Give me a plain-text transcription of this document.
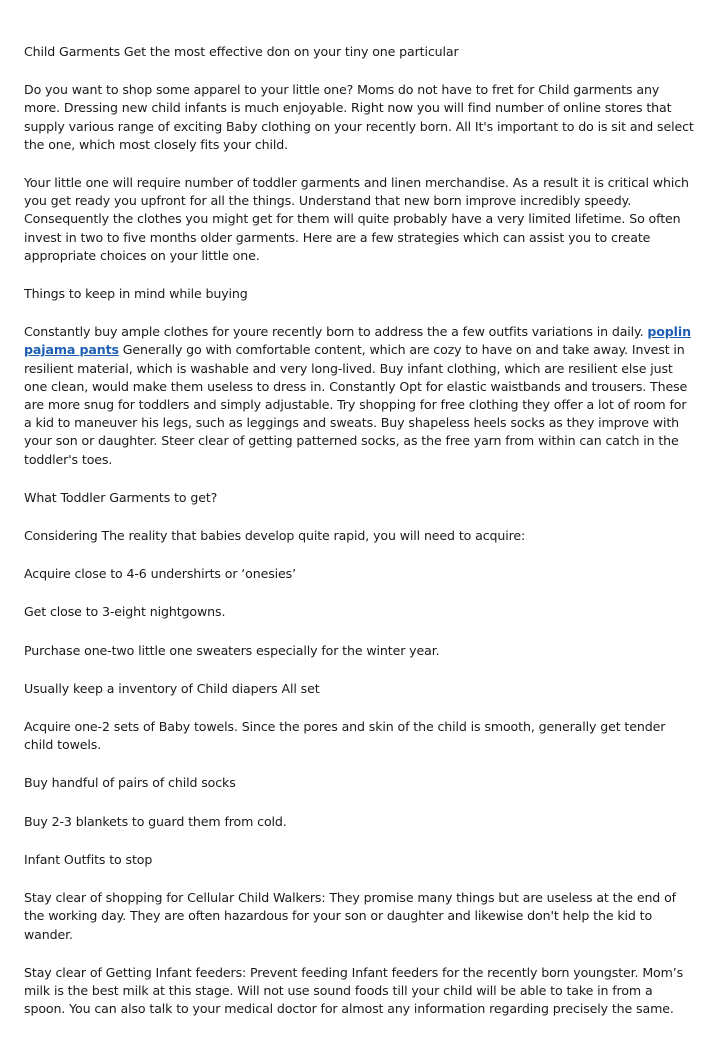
Child Garments Get the most effective don on your tiny one particular

Do you want to shop some apparel to your little one? Moms do not have to fret for Child garments any more. Dressing new child infants is much enjoyable. Right now you will find number of online stores that supply various range of exciting Baby clothing on your recently born. All It's important to do is sit and select the one, which most closely fits your child.

Your little one will require number of toddler garments and linen merchandise. As a result it is critical which you get ready you upfront for all the things. Understand that new born improve incredibly speedy. Consequently the clothes you might get for them will quite probably have a very limited lifetime. So often invest in two to five months older garments. Here are a few strategies which can assist you to create appropriate choices on your little one.

Things to keep in mind while buying

Constantly buy ample clothes for youre recently born to address the a few outfits variations in daily. poplin pajama pants Generally go with comfortable content, which are cozy to have on and take away. Invest in resilient material, which is washable and very long-lived. Buy infant clothing, which are resilient else just one clean, would make them useless to dress in. Constantly Opt for elastic waistbands and trousers. These are more snug for toddlers and simply adjustable. Try shopping for free clothing they offer a lot of room for a kid to maneuver his legs, such as leggings and sweats. Buy shapeless heels socks as they improve with your son or daughter. Steer clear of getting patterned socks, as the free yarn from within can catch in the toddler's toes.

What Toddler Garments to get?

Considering The reality that babies develop quite rapid, you will need to acquire:

Acquire close to 4-6 undershirts or ‘onesies’

Get close to 3-eight nightgowns.

Purchase one-two little one sweaters especially for the winter year.

Usually keep a inventory of Child diapers All set

Acquire one-2 sets of Baby towels. Since the pores and skin of the child is smooth, generally get tender child towels.

Buy handful of pairs of child socks

Buy 2-3 blankets to guard them from cold.

Infant Outfits to stop

Stay clear of shopping for Cellular Child Walkers: They promise many things but are useless at the end of the working day. They are often hazardous for your son or daughter and likewise don't help the kid to wander.

Stay clear of Getting Infant feeders: Prevent feeding Infant feeders for the recently born youngster. Mom’s milk is the best milk at this stage. Will not use sound foods till your child will be able to take in from a spoon. You can also talk to your medical doctor for almost any information regarding precisely the same.
